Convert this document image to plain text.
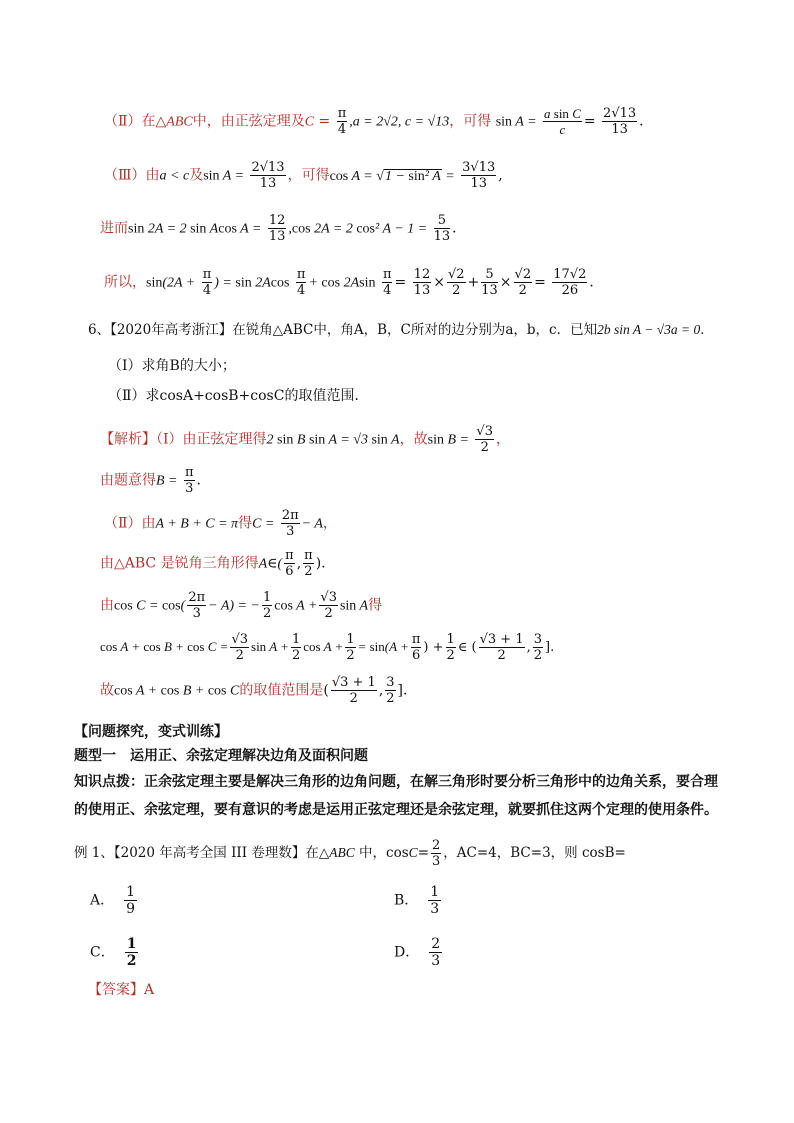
（Ⅱ）在△ABC中，由正弦定理及$C = \frac{\pi}{4} ,a = 2√2$, c = √13，可得 $\sin A = \frac{\text{a sin C}}{c} = \frac{2√13}{13}$ ．
（Ⅲ）由a < c及$\sin A = \frac{2√13}{13}$ ，可得cos A = √1 − sin² $A = \frac{3√13}{13}$ ,
进而sin 2A = 2 sin Acos $A = \frac{12}{13} ,\cos$ 2A = 2 cos² $A - 1 = \frac{5}{13}$ ．
所以，$\sin(2A + \frac{\pi}{4}$ ) = $\sin 2Acos \frac{\pi}{4} + \cos 2Asin \frac{\pi}{4} = \frac{12}{13} \times \frac{√2}{2} + \frac{5}{13} \times \frac{√2}{2} = \frac{17√2}{26}$ ．
6、【2020年高考浙江】在锐角△ABC中，角A，B，C所对的边分别为a，b，c．已知2b sin A − √3a = 0．
（Ⅰ）求角B的大小；
（Ⅱ）求cosA+cosB+cosC的取值范围．
【解析】（Ⅰ）由正弦定理得2 sin B sin A = √3 sin A，故$\sin B = \frac{√3}{2}$ ，
由题意得$B = \frac{\pi}{3}$ .
（Ⅱ）由A + B + C = π得$C = \frac{2\pi}{3} - A$，
由△ABC 是锐角三角形得A∈( $\frac{\pi}{6}$ , $\frac{\pi}{2}$ ).
由$\cos C = \cos( \frac{2\pi}{3} - A)$ = − $\frac{1}{2}$ $\cos A + \frac{√3}{2}$ sin A得
$\cos A + \cos B + \cos C = \frac{√3}{2}$ $\sin A + \frac{1}{2}$ $\cos A + \frac{1}{2} = \sin(A + \frac{\pi}{6}$ ) + $\frac{1}{2}$ ∈ ( $\frac{√3 + 1}{2}$ , $\frac{3}{2}$ ].
故cos A + cos B + cos C的取值范围是( $\frac{√3 + 1}{2}$ , $\frac{3}{2}$ ].
【问题探究，变式训练】
题型一　运用正、余弦定理解决边角及面积问题
知识点拨：正余弦定理主要是解决三角形的边角问题，在解三角形时要分析三角形中的边角关系，要合理
的使用正、余弦定理，要有意识的考虑是运用正弦定理还是余弦定理，就要抓住这两个定理的使用条件。
例 1、【2020 年高考全国 III 卷理数】在△ABC 中，$\cos C= \frac{2}{3}$ ，AC=4，BC=3，则 cosB=
A． $\frac{1}{9}$	B． $\frac{1}{3}$
C． $\frac{1}{2}$	D． $\frac{2}{3}$
【答案】A
